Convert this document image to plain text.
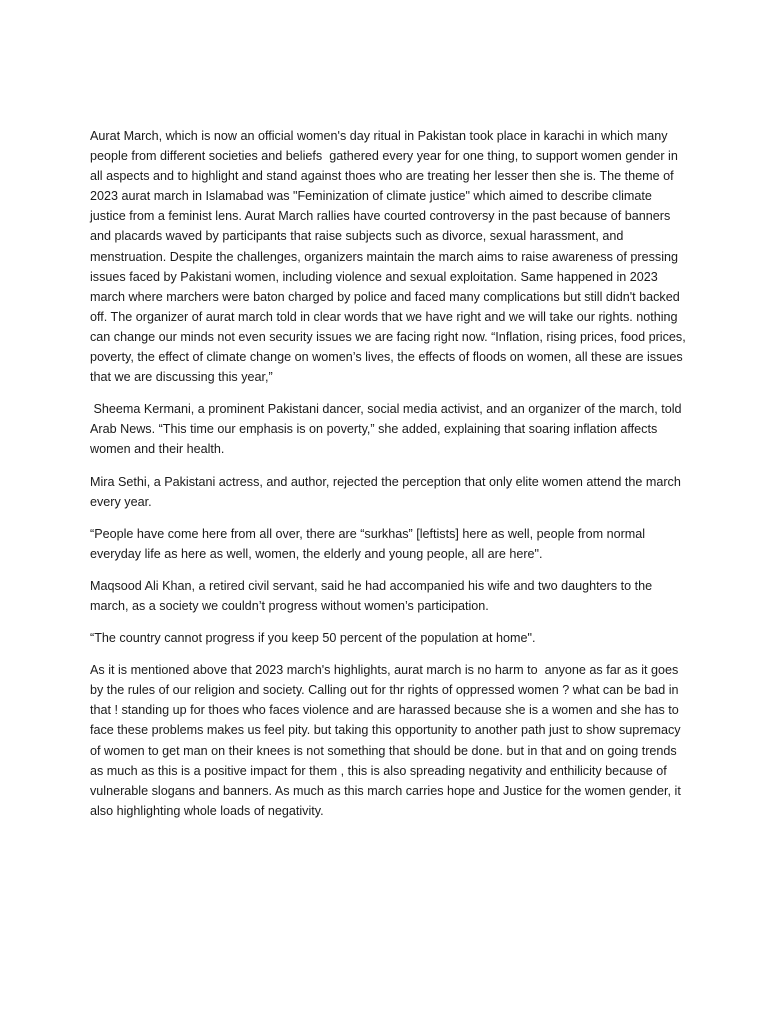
Aurat March, which is now an official women's day ritual in Pakistan took place in karachi in which many people from different societies and beliefs  gathered every year for one thing, to support women gender in all aspects and to highlight and stand against thoes who are treating her lesser then she is. The theme of 2023 aurat march in Islamabad was "Feminization of climate justice" which aimed to describe climate justice from a feminist lens. Aurat March rallies have courted controversy in the past because of banners and placards waved by participants that raise subjects such as divorce, sexual harassment, and menstruation. Despite the challenges, organizers maintain the march aims to raise awareness of pressing issues faced by Pakistani women, including violence and sexual exploitation. Same happened in 2023 march where marchers were baton charged by police and faced many complications but still didn't backed off. The organizer of aurat march told in clear words that we have right and we will take our rights. nothing can change our minds not even security issues we are facing right now. “Inflation, rising prices, food prices, poverty, the effect of climate change on women’s lives, the effects of floods on women, all these are issues that we are discussing this year,”

Sheema Kermani, a prominent Pakistani dancer, social media activist, and an organizer of the march, told Arab News. “This time our emphasis is on poverty,” she added, explaining that soaring inflation affects women and their health.

Mira Sethi, a Pakistani actress, and author, rejected the perception that only elite women attend the march every year.

“People have come here from all over, there are “surkhas” [leftists] here as well, people from normal everyday life as here as well, women, the elderly and young people, all are here".

Maqsood Ali Khan, a retired civil servant, said he had accompanied his wife and two daughters to the march, as a society we couldn’t progress without women’s participation.

“The country cannot progress if you keep 50 percent of the population at home".

As it is mentioned above that 2023 march's highlights, aurat march is no harm to  anyone as far as it goes by the rules of our religion and society. Calling out for thr rights of oppressed women ? what can be bad in that ! standing up for thoes who faces violence and are harassed because she is a women and she has to face these problems makes us feel pity. but taking this opportunity to another path just to show supremacy of women to get man on their knees is not something that should be done. but in that and on going trends as much as this is a positive impact for them , this is also spreading negativity and enthilicity because of vulnerable slogans and banners. As much as this march carries hope and Justice for the women gender, it also highlighting whole loads of negativity.
